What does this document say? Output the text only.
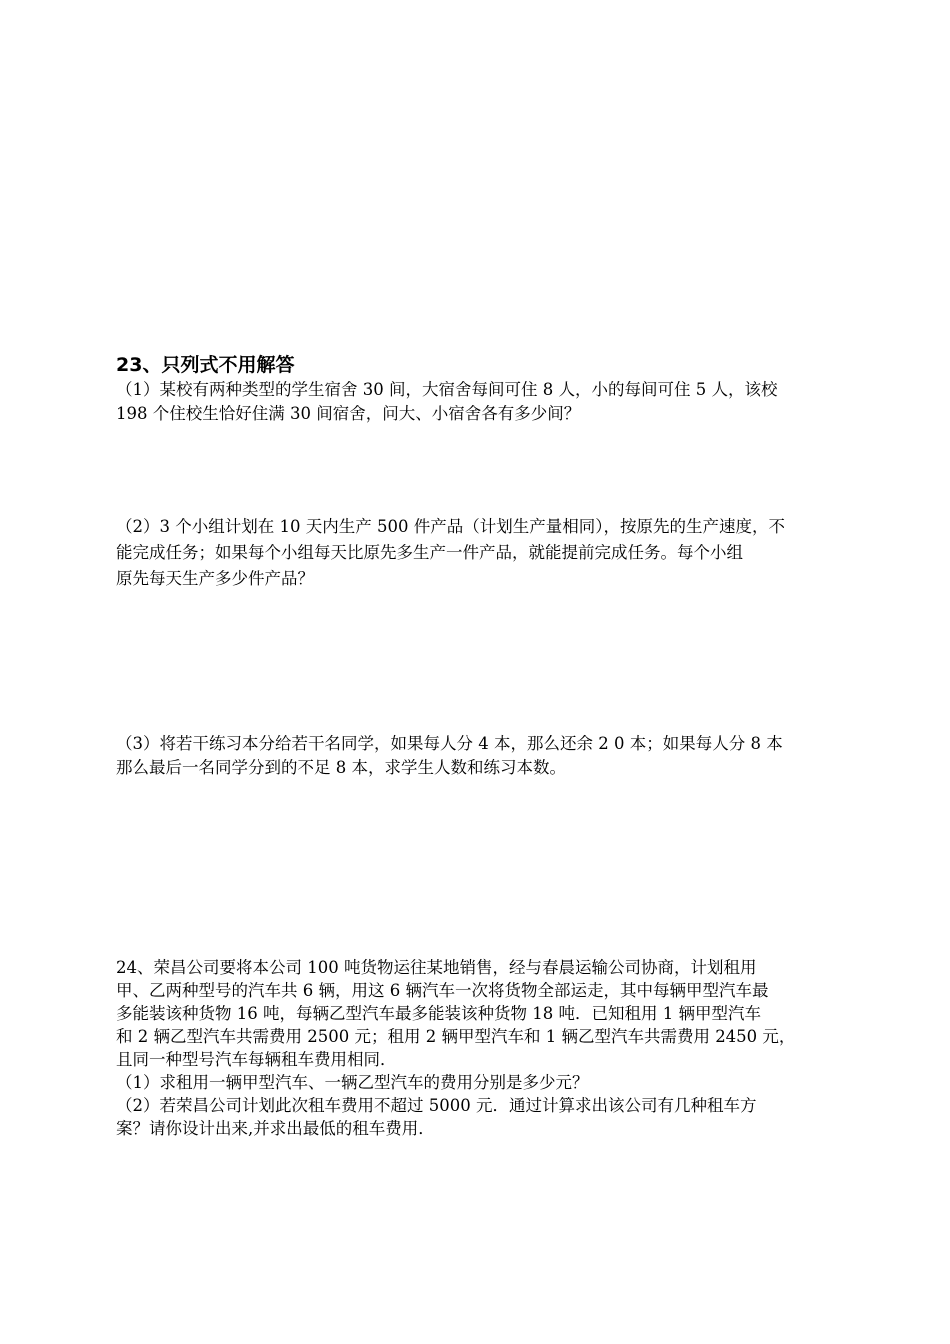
23、只列式不用解答

（1）某校有两种类型的学生宿舍 30 间，大宿舍每间可住 8 人，小的每间可住 5 人，该校
198 个住校生恰好住满 30 间宿舍，问大、小宿舍各有多少间？

（2）3 个小组计划在 10 天内生产 500 件产品（计划生产量相同），按原先的生产速度，不
能完成任务；如果每个小组每天比原先多生产一件产品，就能提前完成任务。每个小组
原先每天生产多少件产品？

（3）将若干练习本分给若干名同学，如果每人分 4 本，那么还余 2 0 本；如果每人分 8 本
那么最后一名同学分到的不足 8 本，求学生人数和练习本数。

24、荣昌公司要将本公司 100 吨货物运往某地销售，经与春晨运输公司协商，计划租用
甲、乙两种型号的汽车共 6 辆，用这 6 辆汽车一次将货物全部运走，其中每辆甲型汽车最
多能装该种货物 16 吨，每辆乙型汽车最多能装该种货物 18 吨．已知租用 1 辆甲型汽车
和 2 辆乙型汽车共需费用 2500 元；租用 2 辆甲型汽车和 1 辆乙型汽车共需费用 2450 元，
且同一种型号汽车每辆租车费用相同．
（1）求租用一辆甲型汽车、一辆乙型汽车的费用分别是多少元？
（2）若荣昌公司计划此次租车费用不超过 5000 元．通过计算求出该公司有几种租车方
案？请你设计出来,并求出最低的租车费用．
